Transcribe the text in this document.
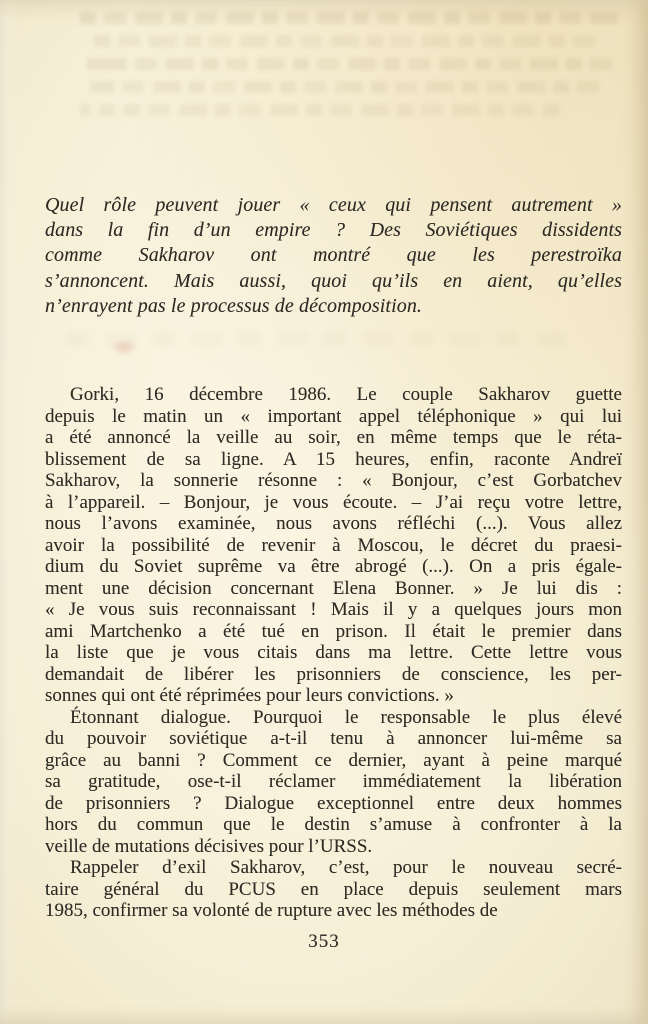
Quel rôle peuvent jouer « ceux qui pensent autrement »
dans la fin d’un empire ? Des Soviétiques dissidents
comme Sakharov ont montré que les perestroïka
s’annoncent. Mais aussi, quoi qu’ils en aient, qu’elles
n’enrayent pas le processus de décomposition.
Gorki, 16 décembre 1986. Le couple Sakharov guette
depuis le matin un « important appel téléphonique » qui lui
a été annoncé la veille au soir, en même temps que le réta-
blissement de sa ligne. A 15 heures, enfin, raconte Andreï
Sakharov, la sonnerie résonne : « Bonjour, c’est Gorbatchev
à l’appareil. – Bonjour, je vous écoute. – J’ai reçu votre lettre,
nous l’avons examinée, nous avons réfléchi (...). Vous allez
avoir la possibilité de revenir à Moscou, le décret du praesi-
dium du Soviet suprême va être abrogé (...). On a pris égale-
ment une décision concernant Elena Bonner. » Je lui dis :
« Je vous suis reconnaissant ! Mais il y a quelques jours mon
ami Martchenko a été tué en prison. Il était le premier dans
la liste que je vous citais dans ma lettre. Cette lettre vous
demandait de libérer les prisonniers de conscience, les per-
sonnes qui ont été réprimées pour leurs convictions. »
Étonnant dialogue. Pourquoi le responsable le plus élevé
du pouvoir soviétique a-t-il tenu à annoncer lui-même sa
grâce au banni ? Comment ce dernier, ayant à peine marqué
sa gratitude, ose-t-il réclamer immédiatement la libération
de prisonniers ? Dialogue exceptionnel entre deux hommes
hors du commun que le destin s’amuse à confronter à la
veille de mutations décisives pour l’URSS.
Rappeler d’exil Sakharov, c’est, pour le nouveau secré-
taire général du PCUS en place depuis seulement mars
1985, confirmer sa volonté de rupture avec les méthodes de
353
